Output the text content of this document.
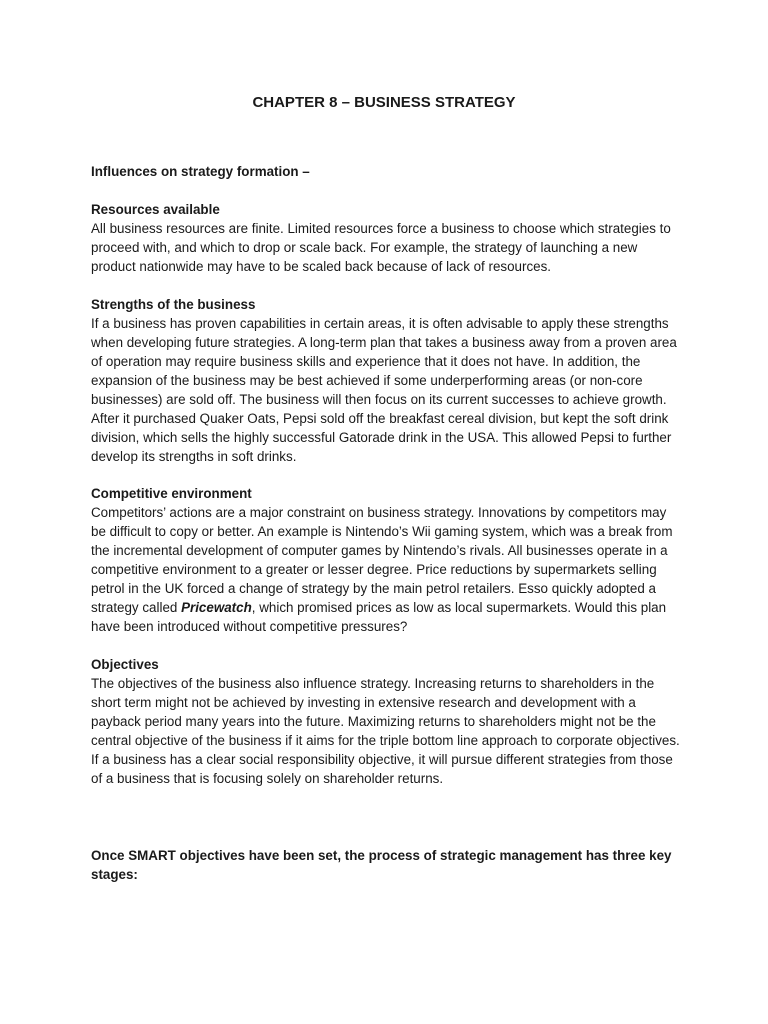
CHAPTER 8 – BUSINESS STRATEGY

Influences on strategy formation –

Resources available

All business resources are finite. Limited resources force a business to choose which strategies to proceed with, and which to drop or scale back. For example, the strategy of launching a new product nationwide may have to be scaled back because of lack of resources.

Strengths of the business

If a business has proven capabilities in certain areas, it is often advisable to apply these strengths when developing future strategies. A long-term plan that takes a business away from a proven area of operation may require business skills and experience that it does not have. In addition, the expansion of the business may be best achieved if some underperforming areas (or non-core businesses) are sold off. The business will then focus on its current successes to achieve growth. After it purchased Quaker Oats, Pepsi sold off the breakfast cereal division, but kept the soft drink division, which sells the highly successful Gatorade drink in the USA. This allowed Pepsi to further develop its strengths in soft drinks.

Competitive environment

Competitors’ actions are a major constraint on business strategy. Innovations by competitors may be difficult to copy or better. An example is Nintendo’s Wii gaming system, which was a break from the incremental development of computer games by Nintendo’s rivals. All businesses operate in a competitive environment to a greater or lesser degree. Price reductions by supermarkets selling petrol in the UK forced a change of strategy by the main petrol retailers. Esso quickly adopted a strategy called Pricewatch, which promised prices as low as local supermarkets. Would this plan have been introduced without competitive pressures?

Objectives

The objectives of the business also influence strategy. Increasing returns to shareholders in the short term might not be achieved by investing in extensive research and development with a payback period many years into the future. Maximizing returns to shareholders might not be the central objective of the business if it aims for the triple bottom line approach to corporate objectives. If a business has a clear social responsibility objective, it will pursue different strategies from those of a business that is focusing solely on shareholder returns.

Once SMART objectives have been set, the process of strategic management has three key stages:
